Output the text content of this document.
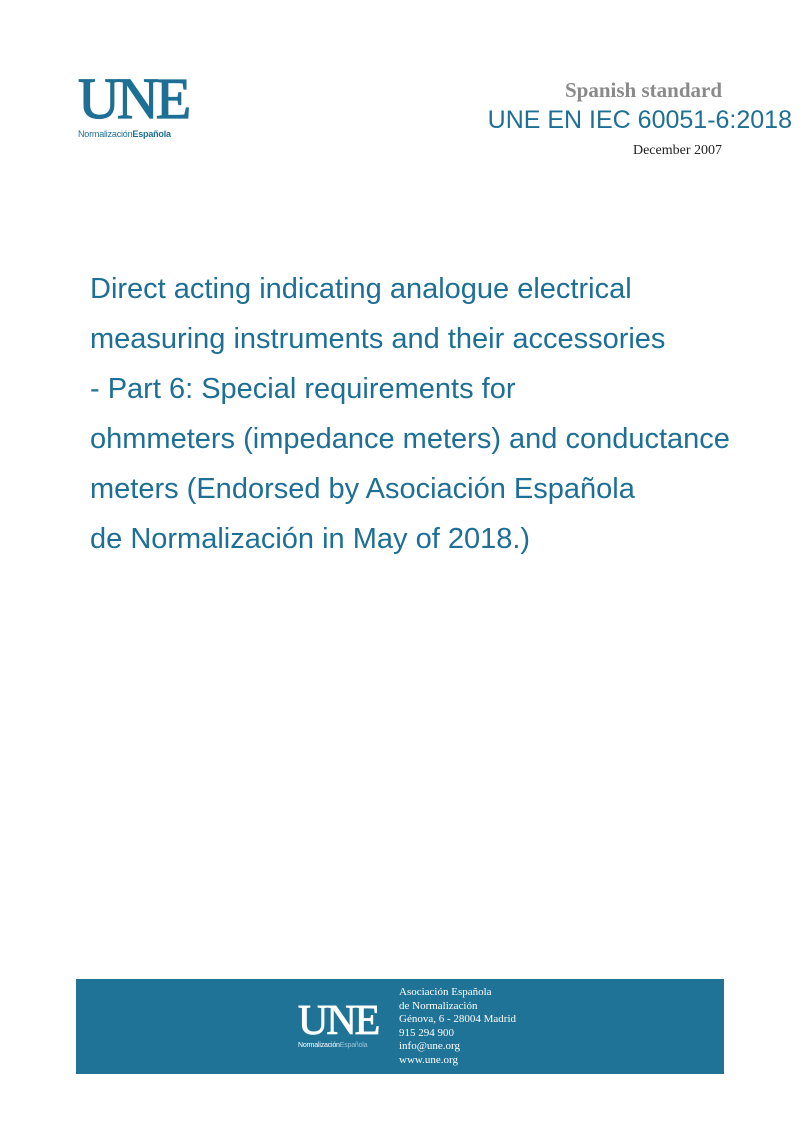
UNE
NormalizaciónEspañola
Spanish standard
UNE EN IEC 60051-6:2018
December 2007
Direct acting indicating analogue electrical
measuring instruments and their accessories
- Part 6: Special requirements for
ohmmeters (impedance meters) and conductance
meters (Endorsed by Asociación Española
de Normalización in May of 2018.)
UNE
NormalizaciónEspañola
Asociación Española
de Normalización
Génova, 6 - 28004 Madrid
915 294 900
info@une.org
www.une.org
